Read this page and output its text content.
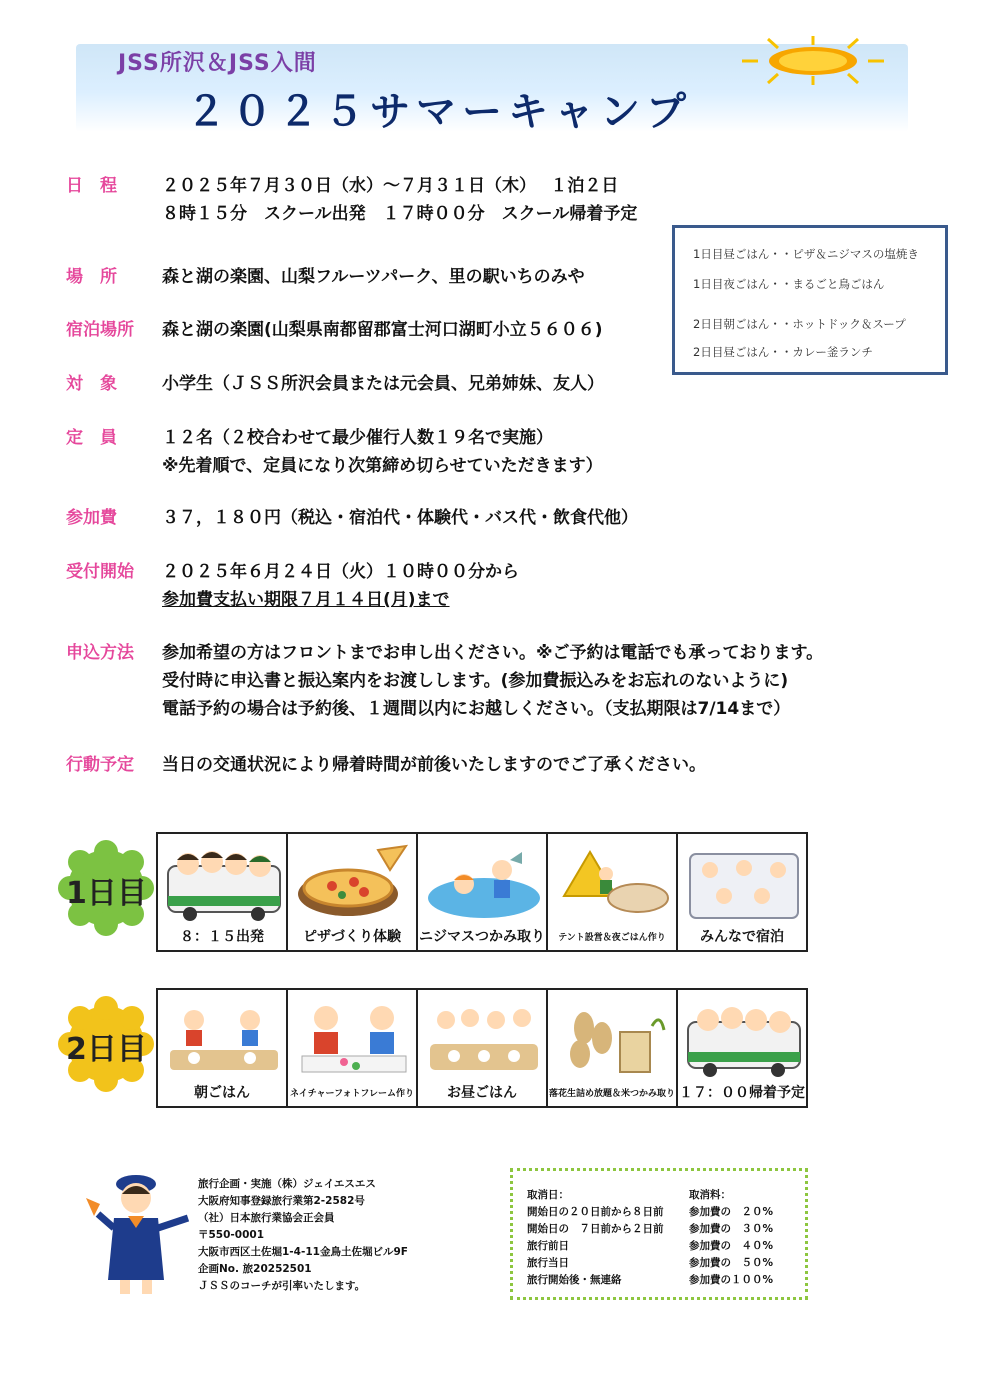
JSS所沢＆JSS入間
２０２５サマーキャンプ
日　程	２０２５年７月３０日（水）～７月３１日（木）　 １泊２日
８時１５分　スクール出発　１７時００分　スクール帰着予定
場　所	森と湖の楽園、山梨フルーツパーク、里の駅いちのみや
宿泊場所	森と湖の楽園(山梨県南都留郡富士河口湖町小立５６０６)
対　象	小学生（ＪＳＳ所沢会員または元会員、兄弟姉妹、友人）
定　員	１２名（２校合わせて最少催行人数１９名で実施）
※先着順で、定員になり次第締め切らせていただきます）
参加費	３７，１８０円（税込・宿泊代・体験代・バス代・飲食代他）
受付開始	２０２５年６月２４日（火）１０時００分から
参加費支払い期限７月１４日(月)まで
申込方法	参加希望の方はフロントまでお申し出ください。※ご予約は電話でも承っております。
受付時に申込書と振込案内をお渡しします。(参加費振込みをお忘れのないように)
電話予約の場合は予約後、１週間以内にお越しください。（支払期限は7/14まで）
行動予定	当日の交通状況により帰着時間が前後いたしますのでご了承ください。
1日目昼ごはん・・ピザ＆ニジマスの塩焼き
1日目夜ごはん・・まるごと鳥ごはん
2日目朝ごはん・・ホットドック＆スープ
2日目昼ごはん・・カレー釜ランチ
1日目
８：１５出発	ピザづくり体験	ニジマスつかみ取り	テント設営＆夜ごはん作り	みんなで宿泊
2日目
朝ごはん	ネイチャーフォトフレーム作り	お昼ごはん	落花生詰め放題＆米つかみ取り １７：００帰着予定
旅行企画・実施（株）ジェイエスエス
大阪府知事登録旅行業第2-2582号
（社）日本旅行業協会正会員
〒550-0001
大阪市西区土佐堀1-4-11金鳥土佐堀ビル9F
企画No. 旅20252501
ＪＳＳのコーチが引率いたします。
取消日：	取消料：
開始日の２０日前から８日前 参加費の　２０%
開始日の　７日前から２日前 参加費の　３０%
旅行前日	参加費の　４０%
旅行当日	参加費の　５０%
旅行開始後・無連絡	参加費の１００%
